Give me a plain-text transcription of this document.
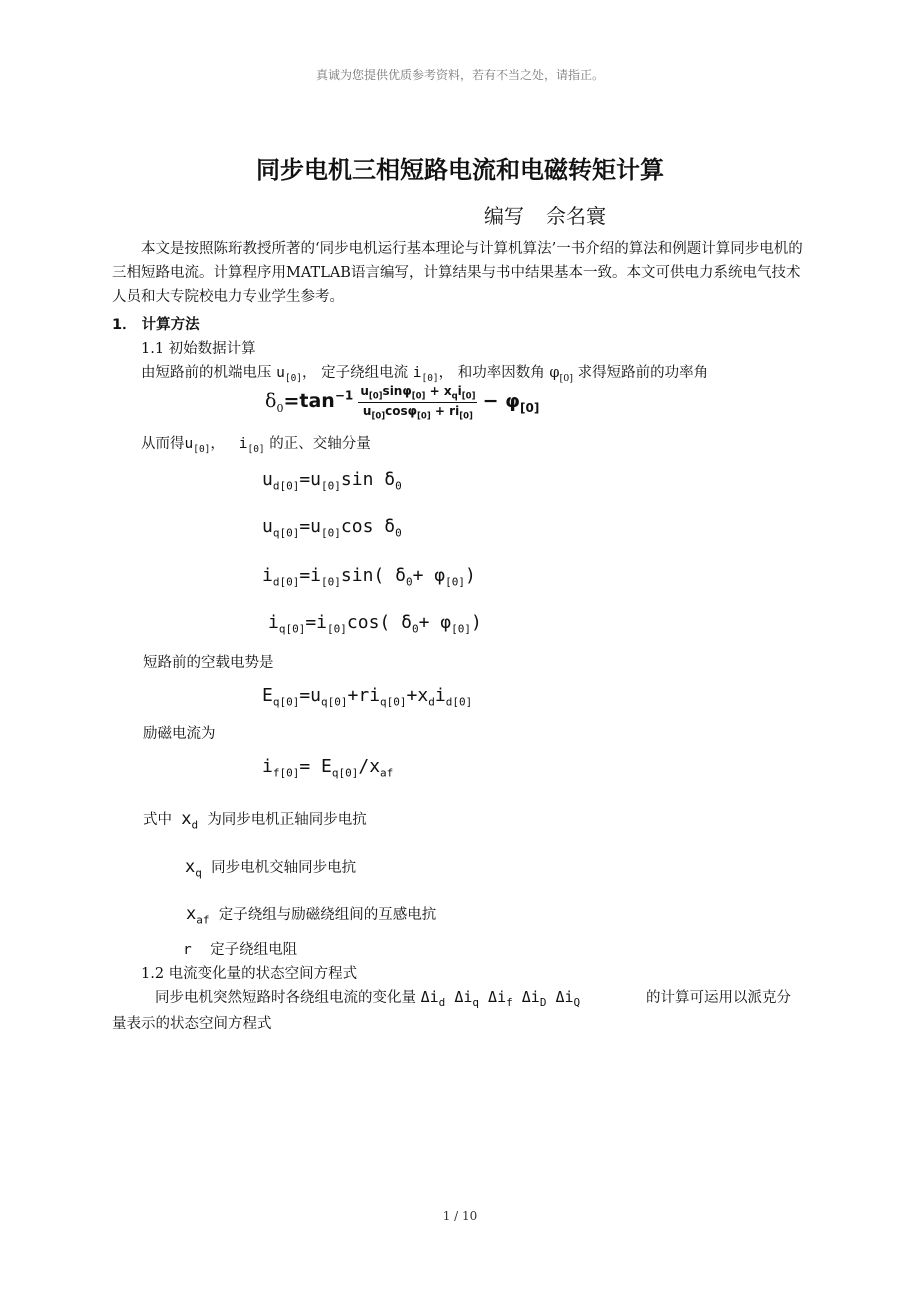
真诚为您提供优质参考资料，若有不当之处，请指正。
同步电机三相短路电流和电磁转矩计算
编写 佘名寰
本文是按照陈珩教授所著的‘同步电机运行基本理论与计算机算法’一书介绍的算法和例题计算同步电机的三相短路电流。计算程序用MATLAB语言编写，计算结果与书中结果基本一致。本文可供电力系统电气技术人员和大专院校电力专业学生参考。
1． 计算方法
1.1 初始数据计算
由短路前的机端电压 $u_{[0]}$， 定子绕组电流 $i_{[0]}$， 和功率因数角 $\varphi_{[0]}$ 求得短路前的功率角
$\delta_0=\tan^{-1} \frac{u_{[0]}\sin\varphi_{[0]} + x_qi_{[0]}}{u_{[0]}\cos\varphi_{[0]} + ri_{[0]}} - \varphi_{[0]}$
从而得$u_{[0]}$， $i_{[0]}$ 的正、交轴分量
$u_{d[0]}=u_{[0]}\sin$ $\delta_0$
$u_{q[0]}=u_{[0]}\cos$ $\delta_0$
$i_{d[0]}=i_{[0]}\sin$( $\delta_0+ \varphi_{[0]}$)
$i_{q[0]}=i_{[0]}\cos$( $\delta_0+ \varphi_{[0]}$)
短路前的空载电势是
$E_{q[0]}=u_{q[0]}+ri_{q[0]}+x_di_{d[0]}$
励磁电流为
$i_{f[0]}= E_{q[0]}/x_{af}$
式中 $x_d$ 为同步电机正轴同步电抗
$x_q$ 同步电机交轴同步电抗
$x_{af}$ 定子绕组与励磁绕组间的互感电抗
r 定子绕组电阻
1.2 电流变化量的状态空间方程式
同步电机突然短路时各绕组电流的变化量 $\Delta i_d$ $\Delta i_q$ $\Delta i_f$ $\Delta i_D$ $\Delta i_Q$	的计算可运用以派克分
量表示的状态空间方程式
1 / 10
